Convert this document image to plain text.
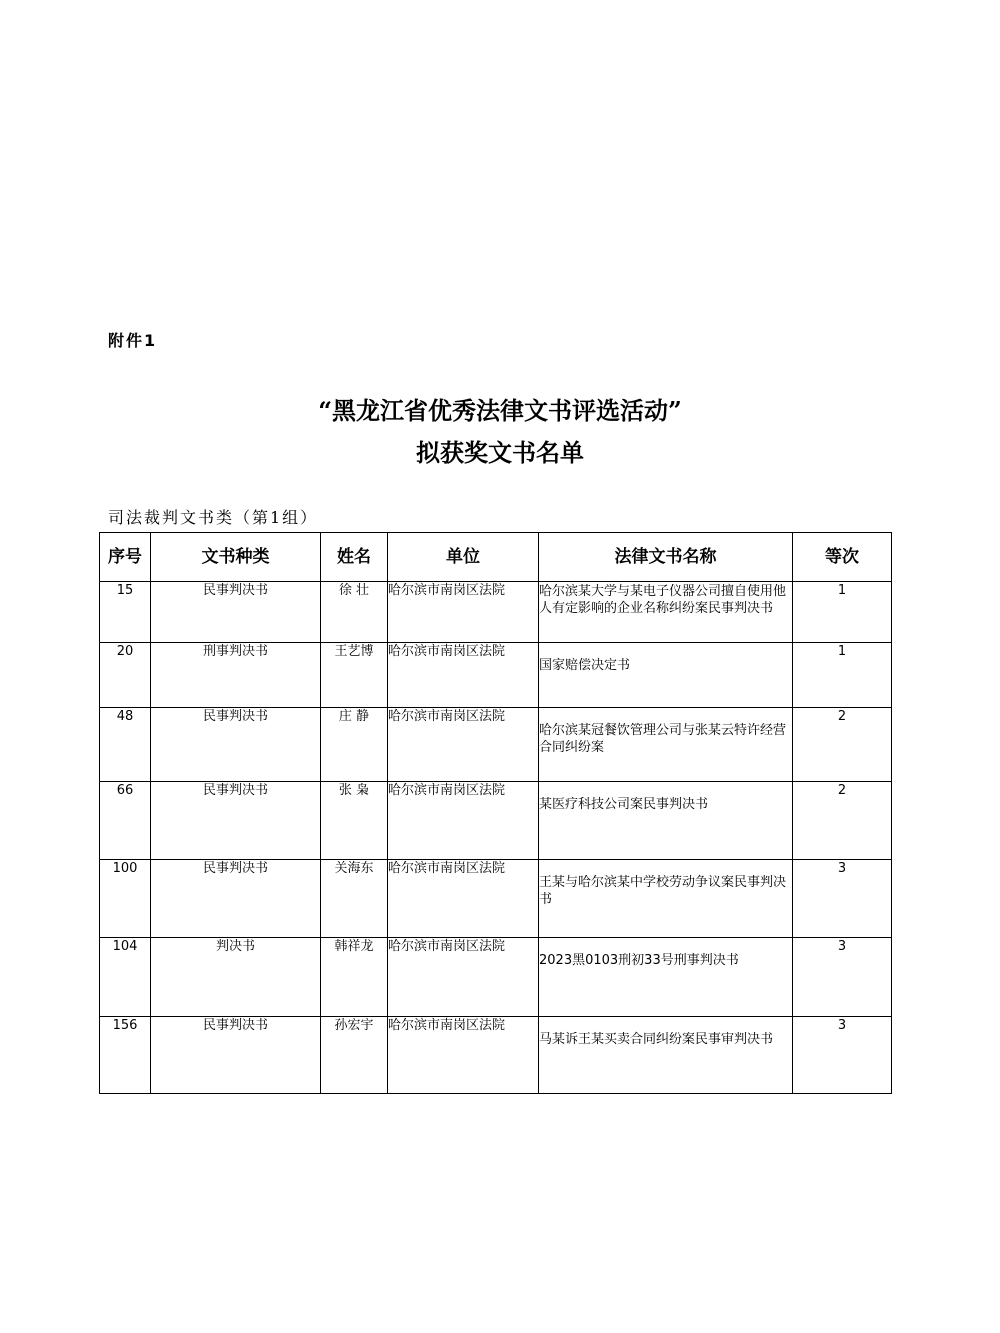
附件1
“黑龙江省优秀法律文书评选活动”
拟获奖文书名单
司法裁判文书类（第1组）
序号	文书种类	姓名	单位	法律文书名称	等次
15	民事判决书	徐 壮	哈尔滨市南岗区法院	哈尔滨某大学与某电子仪器公司擅自使用他人有定影响的企业名称纠纷案民事判决书	1
20	刑事判决书	王艺博	哈尔滨市南岗区法院	国家赔偿决定书	1
48	民事判决书	庄 静	哈尔滨市南岗区法院	哈尔滨某冠餐饮管理公司与张某云特许经营合同纠纷案	2
66	民事判决书	张 枭	哈尔滨市南岗区法院	某医疗科技公司案民事判决书	2
100	民事判决书	关海东	哈尔滨市南岗区法院	王某与哈尔滨某中学校劳动争议案民事判决书	3
104	判决书	韩祥龙	哈尔滨市南岗区法院	2023黑0103刑初33号刑事判决书	3
156	民事判决书	孙宏宇	哈尔滨市南岗区法院	马某诉王某买卖合同纠纷案民事审判决书	3
